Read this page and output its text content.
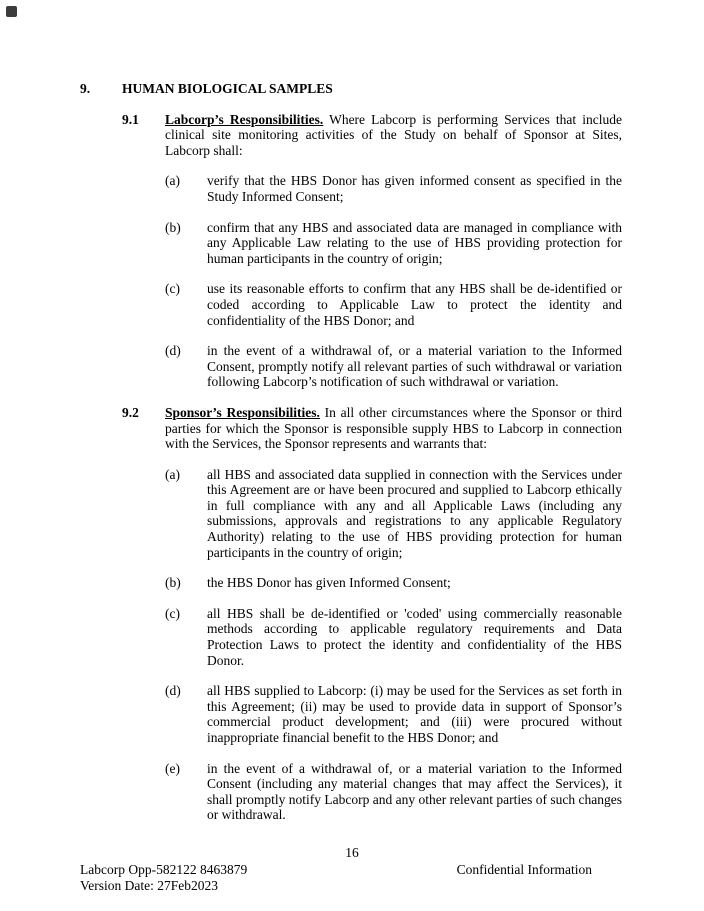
9.	HUMAN BIOLOGICAL SAMPLES
9.1	Labcorp’s Responsibilities. Where Labcorp is performing Services that include clinical site monitoring activities of the Study on behalf of Sponsor at Sites, Labcorp shall:

(a)	verify that the HBS Donor has given informed consent as specified in the Study Informed Consent;

(b)	confirm that any HBS and associated data are managed in compliance with any Applicable Law relating to the use of HBS providing protection for human participants in the country of origin;

(c)	use its reasonable efforts to confirm that any HBS shall be de-identified or coded according to Applicable Law to protect the identity and confidentiality of the HBS Donor; and

(d)	in the event of a withdrawal of, or a material variation to the Informed Consent, promptly notify all relevant parties of such withdrawal or variation following Labcorp’s notification of such withdrawal or variation.

9.2	Sponsor’s Responsibilities. In all other circumstances where the Sponsor or third parties for which the Sponsor is responsible supply HBS to Labcorp in connection with the Services, the Sponsor represents and warrants that:

(a)	all HBS and associated data supplied in connection with the Services under this Agreement are or have been procured and supplied to Labcorp ethically in full compliance with any and all Applicable Laws (including any submissions, approvals and registrations to any applicable Regulatory Authority) relating to the use of HBS providing protection for human participants in the country of origin;

(b)	the HBS Donor has given Informed Consent;

(c)	all HBS shall be de-identified or 'coded' using commercially reasonable methods according to applicable regulatory requirements and Data Protection Laws to protect the identity and confidentiality of the HBS Donor.

(d)	all HBS supplied to Labcorp: (i) may be used for the Services as set forth in this Agreement; (ii) may be used to provide data in support of Sponsor’s commercial product development; and (iii) were procured without inappropriate financial benefit to the HBS Donor; and

(e)	in the event of a withdrawal of, or a material variation to the Informed Consent (including any material changes that may affect the Services), it shall promptly notify Labcorp and any other relevant parties of such changes or withdrawal.

16
Labcorp Opp-582122 8463879
Version Date: 27Feb2023
Confidential Information
